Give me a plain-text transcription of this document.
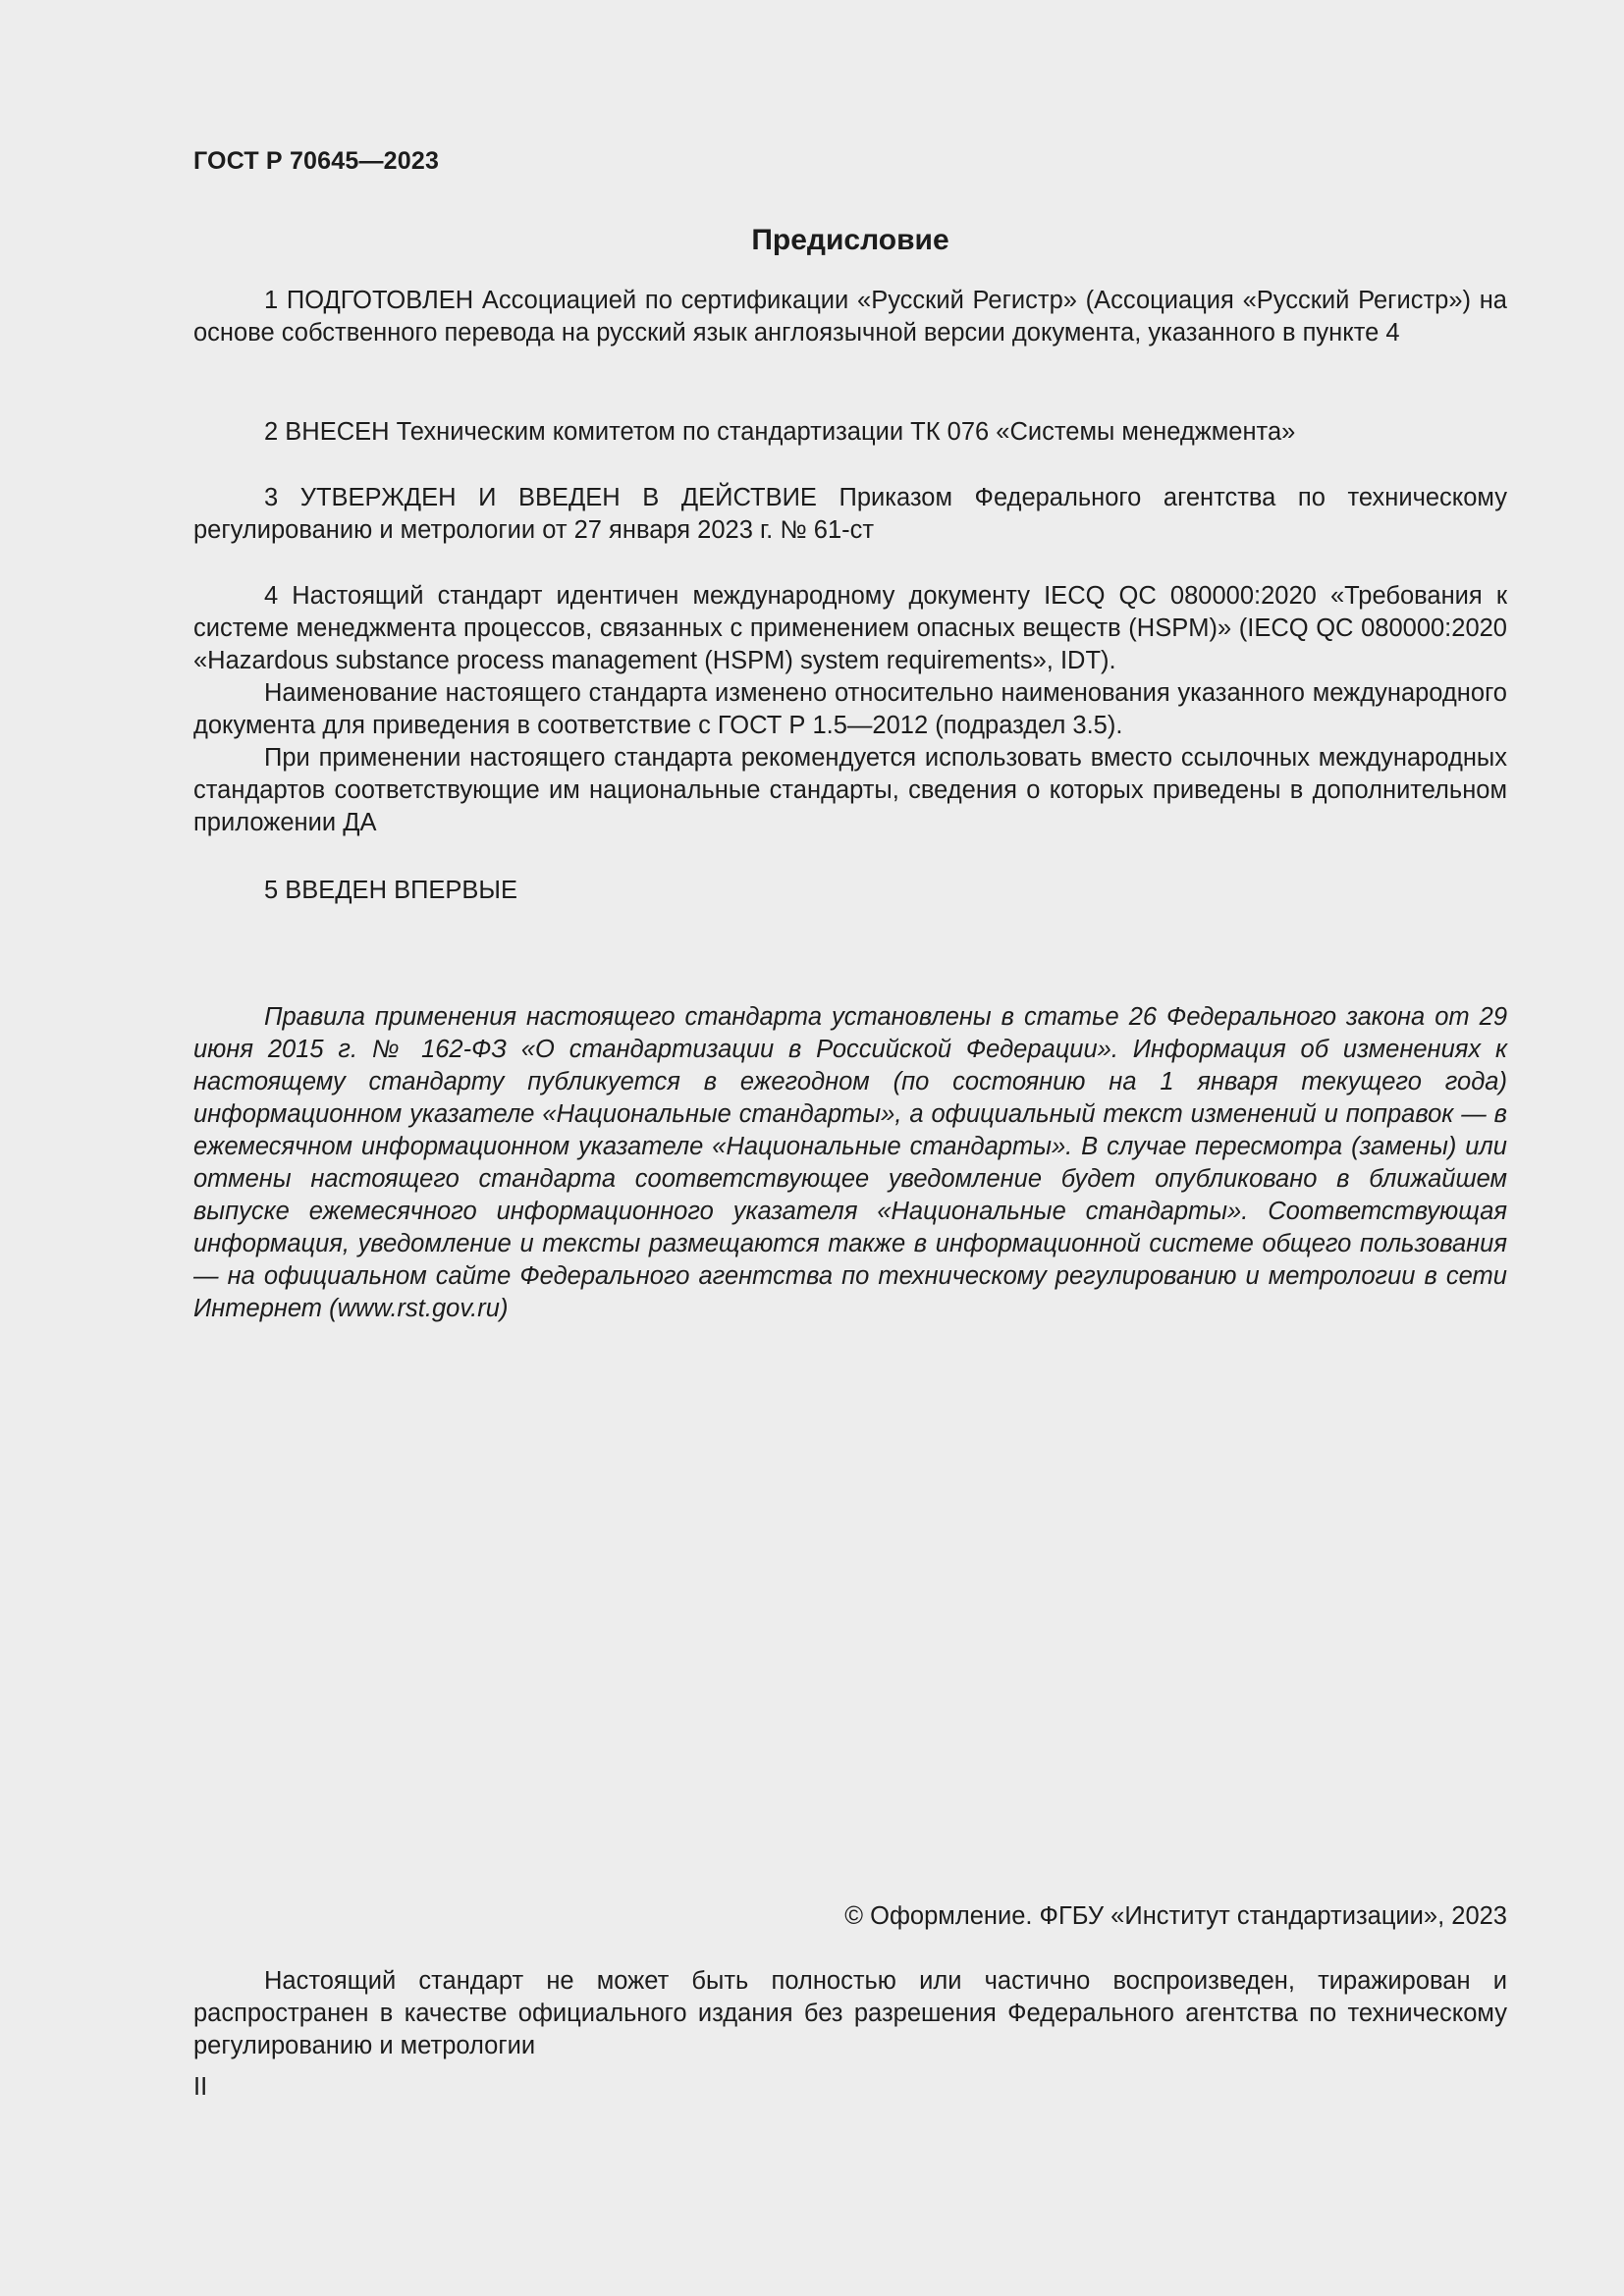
ГОСТ Р 70645—2023
Предисловие

1 ПОДГОТОВЛЕН Ассоциацией по сертификации «Русский Регистр» (Ассоциация «Русский Регистр») на основе собственного перевода на русский язык англоязычной версии документа, указанного в пункте 4

2 ВНЕСЕН Техническим комитетом по стандартизации ТК 076 «Системы менеджмента»

3 УТВЕРЖДЕН И ВВЕДЕН В ДЕЙСТВИЕ Приказом Федерального агентства по техническому регулированию и метрологии от 27 января 2023 г. № 61-ст

4 Настоящий стандарт идентичен международному документу IECQ QC 080000:2020 «Требования к системе менеджмента процессов, связанных с применением опасных веществ (HSPM)» (IECQ QC 080000:2020 «Hazardous substance process management (HSPM) system requirements», IDT).

Наименование настоящего стандарта изменено относительно наименования указанного международного документа для приведения в соответствие с ГОСТ Р 1.5—2012 (подраздел 3.5).

При применении настоящего стандарта рекомендуется использовать вместо ссылочных международных стандартов соответствующие им национальные стандарты, сведения о которых приведены в дополнительном приложении ДА

5 ВВЕДЕН ВПЕРВЫЕ

Правила применения настоящего стандарта установлены в статье 26 Федерального закона от 29 июня 2015 г. № 162-ФЗ «О стандартизации в Российской Федерации». Информация об изменениях к настоящему стандарту публикуется в ежегодном (по состоянию на 1 января текущего года) информационном указателе «Национальные стандарты», а официальный текст изменений и поправок — в ежемесячном информационном указателе «Национальные стандарты». В случае пересмотра (замены) или отмены настоящего стандарта соответствующее уведомление будет опубликовано в ближайшем выпуске ежемесячного информационного указателя «Национальные стандарты». Соответствующая информация, уведомление и тексты размещаются также в информационной системе общего пользования — на официальном сайте Федерального агентства по техническому регулированию и метрологии в сети Интернет (www.rst.gov.ru)

© Оформление. ФГБУ «Институт стандартизации», 2023

Настоящий стандарт не может быть полностью или частично воспроизведен, тиражирован и распространен в качестве официального издания без разрешения Федерального агентства по техническому регулированию и метрологии

II
